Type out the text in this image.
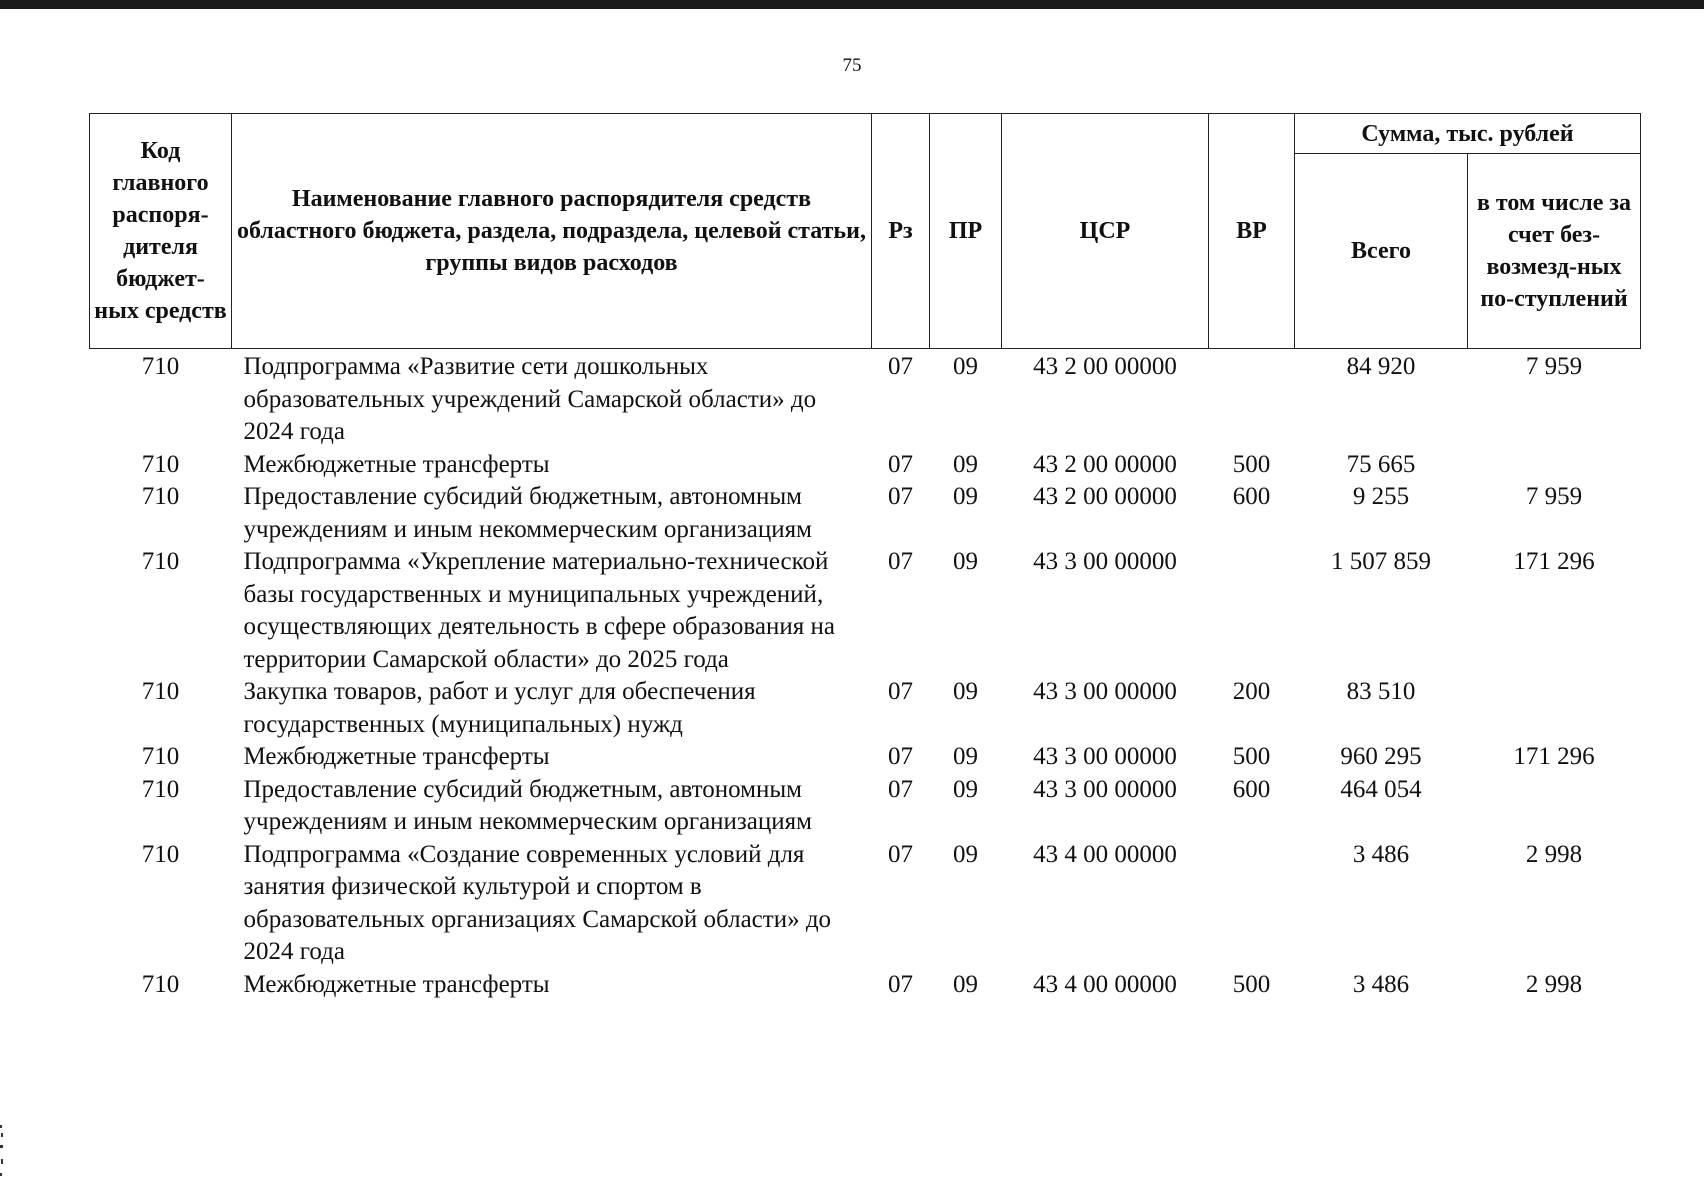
75
Код главного распоря-дителя бюджет-ных средств	Наименование главного распорядителя средств областного бюджета, раздела, подраздела, целевой статьи, группы видов расходов	Рз	ПР	ЦСР	ВР	Сумма, тыс. рублей	
						Всего	в том числе за счет без-возмезд-ных по-ступлений
710	Подпрограмма «Развитие сети дошкольных образовательных учреждений Самарской области» до 2024 года	07	09	43 2 00 00000		84 920	7 959
710	Межбюджетные трансферты	07	09	43 2 00 00000	500	75 665	
710	Предоставление субсидий бюджетным, автономным учреждениям и иным некоммерческим организациям	07	09	43 2 00 00000	600	9 255	7 959
710	Подпрограмма «Укрепление материально-технической базы государственных и муниципальных учреждений, осуществляющих деятельность в сфере образования на территории Самарской области» до 2025 года	07	09	43 3 00 00000		1 507 859	171 296
710	Закупка товаров, работ и услуг для обеспечения государственных (муниципальных) нужд	07	09	43 3 00 00000	200	83 510	
710	Межбюджетные трансферты	07	09	43 3 00 00000	500	960 295	171 296
710	Предоставление субсидий бюджетным, автономным учреждениям и иным некоммерческим организациям	07	09	43 3 00 00000	600	464 054	
710	Подпрограмма «Создание современных условий для занятия физической культурой и спортом в образовательных организациях Самарской области» до 2024 года	07	09	43 4 00 00000		3 486	2 998
710	Межбюджетные трансферты	07	09	43 4 00 00000	500	3 486	2 998
